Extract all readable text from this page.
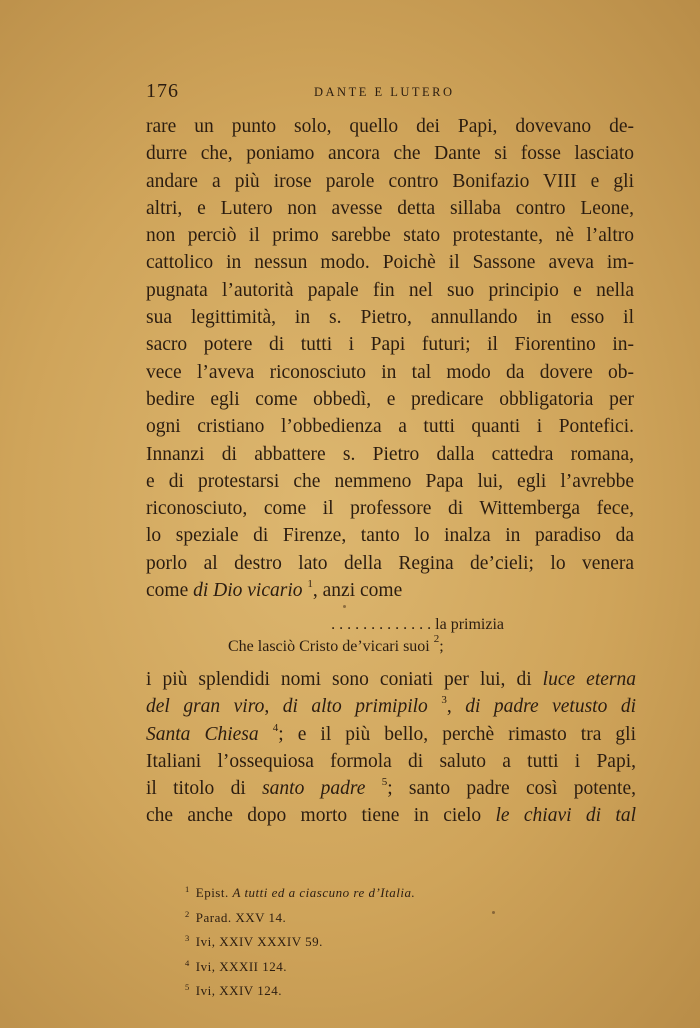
176	DANTE E LUTERO
rare un punto solo, quello dei Papi, dovevano de-
durre che, poniamo ancora che Dante si fosse lasciato
andare a più irose parole contro Bonifazio VIII e gli
altri, e Lutero non avesse detta sillaba contro Leone,
non perciò il primo sarebbe stato protestante, nè l’altro
cattolico in nessun modo. Poichè il Sassone aveva im-
pugnata l’autorità papale fin nel suo principio e nella
sua legittimità, in s. Pietro, annullando in esso il
sacro potere di tutti i Papi futuri; il Fiorentino in-
vece l’aveva riconosciuto in tal modo da dovere ob-
bedire egli come obbedì, e predicare obbligatoria per
ogni cristiano l’obbedienza a tutti quanti i Pontefici.
Innanzi di abbattere s. Pietro dalla cattedra romana,
e di protestarsi che nemmeno Papa lui, egli l’avrebbe
riconosciuto, come il professore di Wittemberga fece,
lo speziale di Firenze, tanto lo inalza in paradiso da
porlo al destro lato della Regina de’cieli; lo venera
come di Dio vicario $^1$, anzi come
. . . . . . . . . . . . . la primizia
Che lasciò Cristo de’vicari suoi $^2$;
i più splendidi nomi sono coniati per lui, di luce eterna
del gran viro, di alto primipilo $^3$, di padre vetusto di
Santa Chiesa $^4$; e il più bello, perchè rimasto tra gli
Italiani l’ossequiosa formola di saluto a tutti i Papi,
il titolo di santo padre $^5$; santo padre così potente,
che anche dopo morto tiene in cielo le chiavi di tal
$^1$ Epist. A tutti ed a ciascuno re d’Italia.
$^2$ Parad. XXV 14.
$^3$ Ivi, XXIV XXXIV 59.
$^4$ Ivi, XXXII 124.
$^5$ Ivi, XXIV 124.
